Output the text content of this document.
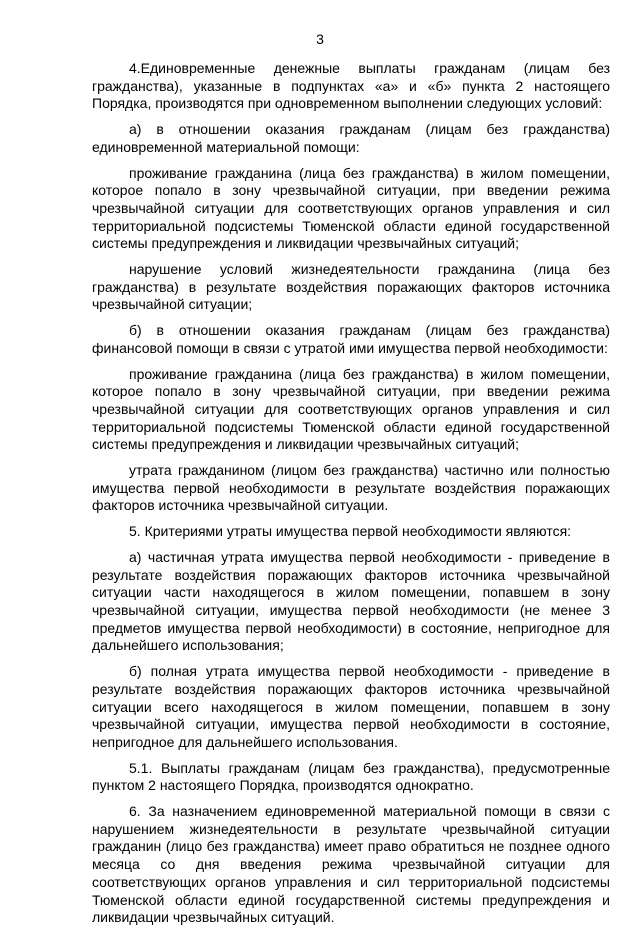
3

4.Единовременные денежные выплаты гражданам (лицам без гражданства), указанные в подпунктах «а» и «б» пункта 2 настоящего Порядка, производятся при одновременном выполнении следующих условий:

а) в отношении оказания гражданам (лицам без гражданства) единовременной материальной помощи:

проживание гражданина (лица без гражданства) в жилом помещении, которое попало в зону чрезвычайной ситуации, при введении режима чрезвычайной ситуации для соответствующих органов управления и сил территориальной подсистемы Тюменской области единой государственной системы предупреждения и ликвидации чрезвычайных ситуаций;

нарушение условий жизнедеятельности гражданина (лица без гражданства) в результате воздействия поражающих факторов источника чрезвычайной ситуации;

б) в отношении оказания гражданам (лицам без гражданства) финансовой помощи в связи с утратой ими имущества первой необходимости:

проживание гражданина (лица без гражданства) в жилом помещении, которое попало в зону чрезвычайной ситуации, при введении режима чрезвычайной ситуации для соответствующих органов управления и сил территориальной подсистемы Тюменской области единой государственной системы предупреждения и ликвидации чрезвычайных ситуаций;

утрата гражданином (лицом без гражданства) частично или полностью имущества первой необходимости в результате воздействия поражающих факторов источника чрезвычайной ситуации.

5. Критериями утраты имущества первой необходимости являются:

а) частичная утрата имущества первой необходимости - приведение в результате воздействия поражающих факторов источника чрезвычайной ситуации части находящегося в жилом помещении, попавшем в зону чрезвычайной ситуации, имущества первой необходимости (не менее 3 предметов имущества первой необходимости) в состояние, непригодное для дальнейшего использования;

б) полная утрата имущества первой необходимости - приведение в результате воздействия поражающих факторов источника чрезвычайной ситуации всего находящегося в жилом помещении, попавшем в зону чрезвычайной ситуации, имущества первой необходимости в состояние, непригодное для дальнейшего использования.

5.1. Выплаты гражданам (лицам без гражданства), предусмотренные пунктом 2 настоящего Порядка, производятся однократно.

6. За назначением единовременной материальной помощи в связи с нарушением жизнедеятельности в результате чрезвычайной ситуации гражданин (лицо без гражданства) имеет право обратиться не позднее одного месяца со дня введения режима чрезвычайной ситуации для соответствующих органов управления и сил территориальной подсистемы Тюменской области единой государственной системы предупреждения и ликвидации чрезвычайных ситуаций.
